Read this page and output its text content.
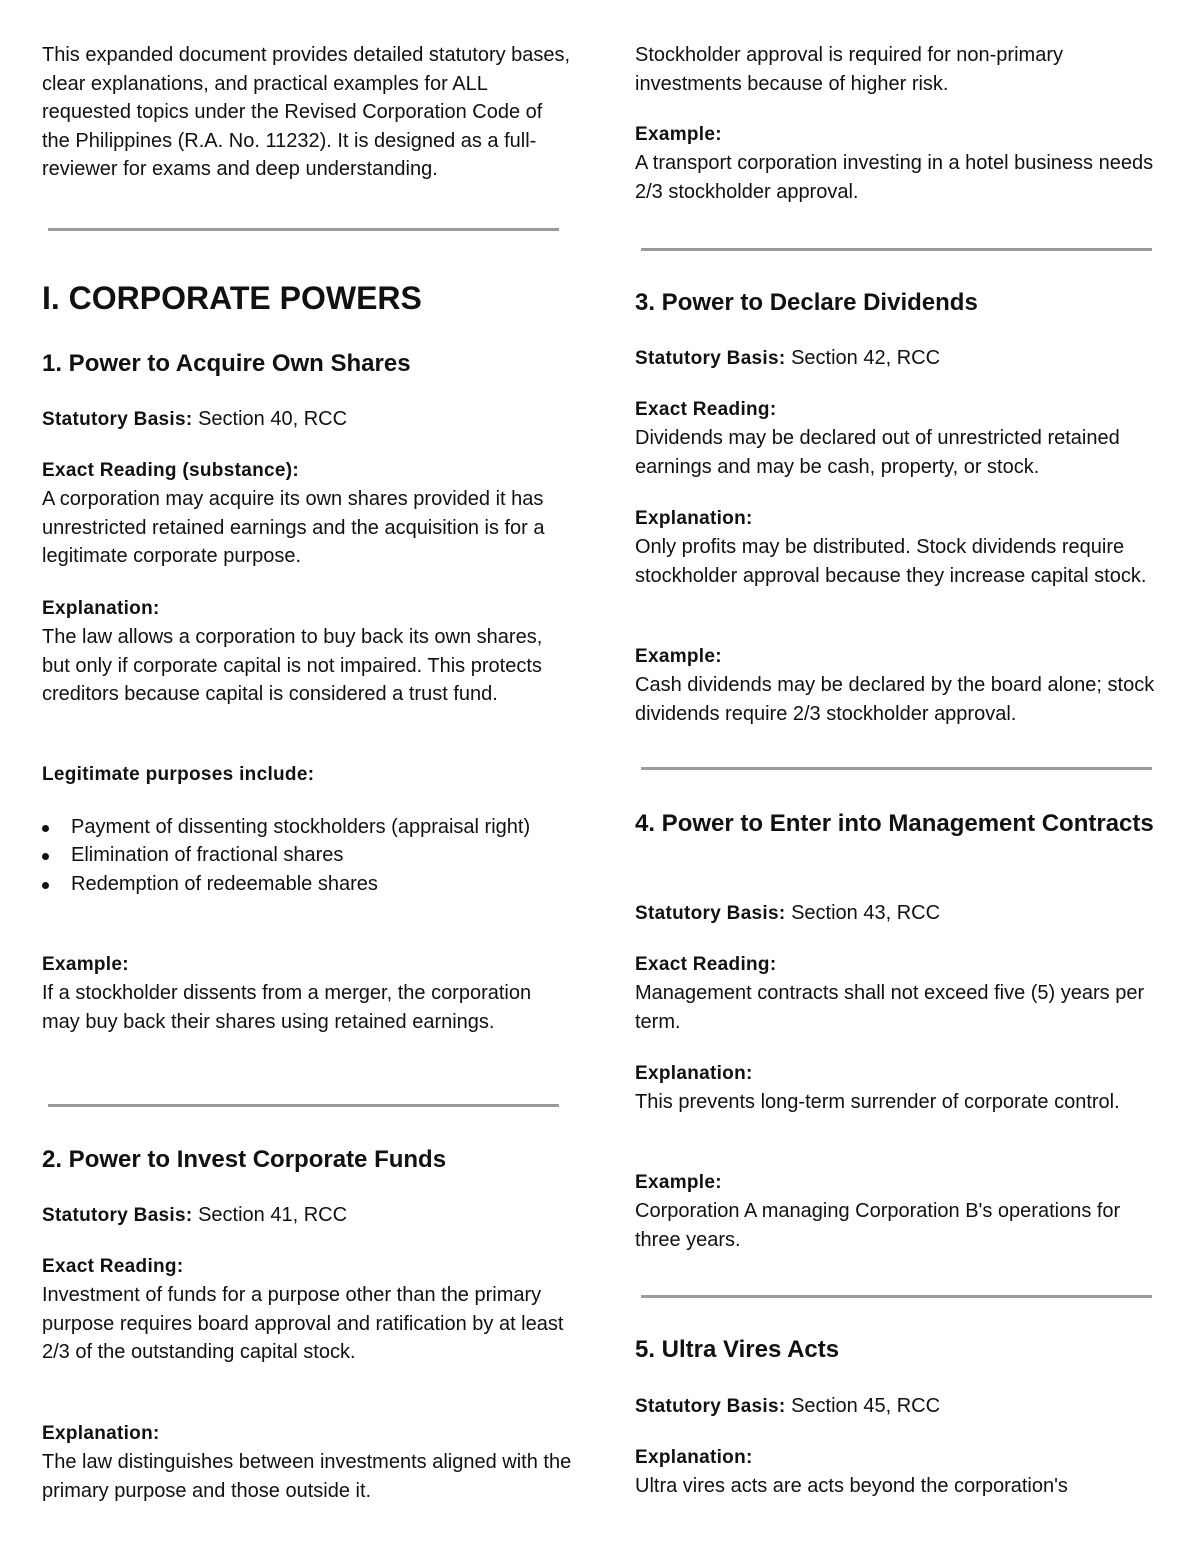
This expanded document provides detailed statutory bases, clear explanations, and practical examples for ALL requested topics under the Revised Corporation Code of the Philippines (R.A. No. 11232). It is designed as a full-reviewer for exams and deep understanding.

I. CORPORATE POWERS
1. Power to Acquire Own Shares

Statutory Basis: Section 40, RCC

Exact Reading (substance):

A corporation may acquire its own shares provided it has unrestricted retained earnings and the acquisition is for a legitimate corporate purpose.

Explanation:

The law allows a corporation to buy back its own shares, but only if corporate capital is not impaired. This protects creditors because capital is considered a trust fund.

Legitimate purposes include:
Payment of dissenting stockholders (appraisal right)
Elimination of fractional shares
Redemption of redeemable shares
Example:

If a stockholder dissents from a merger, the corporation may buy back their shares using retained earnings.

2. Power to Invest Corporate Funds

Statutory Basis: Section 41, RCC

Exact Reading:

Investment of funds for a purpose other than the primary purpose requires board approval and ratification by at least 2/3 of the outstanding capital stock.

Explanation:

The law distinguishes between investments aligned with the primary purpose and those outside it.

Stockholder approval is required for non-primary investments because of higher risk.

Example:

A transport corporation investing in a hotel business needs 2/3 stockholder approval.

3. Power to Declare Dividends

Statutory Basis: Section 42, RCC

Exact Reading:

Dividends may be declared out of unrestricted retained earnings and may be cash, property, or stock.

Explanation:

Only profits may be distributed. Stock dividends require stockholder approval because they increase capital stock.

Example:

Cash dividends may be declared by the board alone; stock dividends require 2/3 stockholder approval.

4. Power to Enter into Management Contracts

Statutory Basis: Section 43, RCC

Exact Reading:

Management contracts shall not exceed five (5) years per term.

Explanation:

This prevents long-term surrender of corporate control.

Example:

Corporation A managing Corporation B's operations for three years.

5. Ultra Vires Acts

Statutory Basis: Section 45, RCC

Explanation:

Ultra vires acts are acts beyond the corporation's
